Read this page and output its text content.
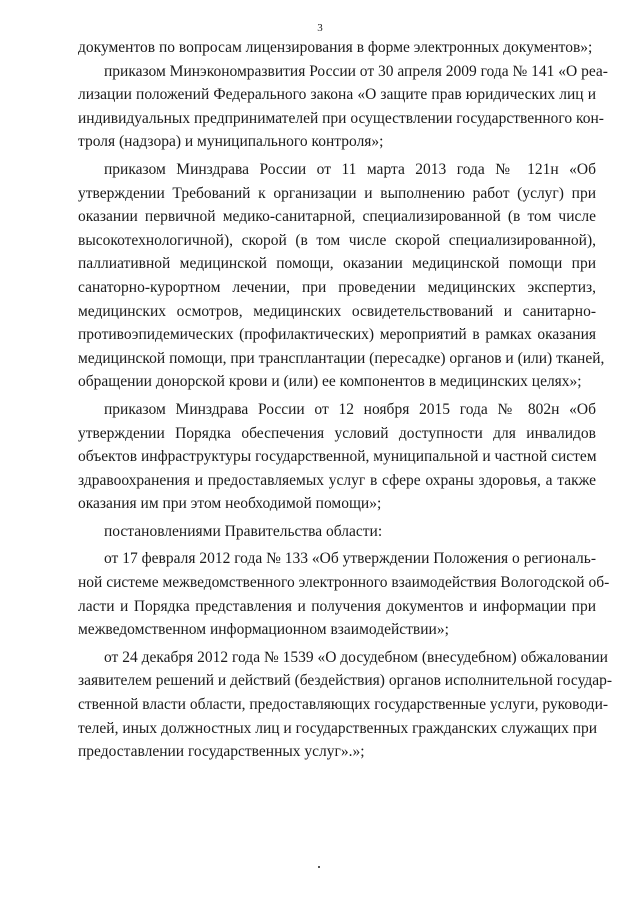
3
документов по вопросам лицензирования в форме электронных документов»;
приказом Минэкономразвития России от 30 апреля 2009 года № 141 «О реа-
лизации положений Федерального закона «О защите прав юридических лиц и
индивидуальных предпринимателей при осуществлении государственного кон-
троля (надзора) и муниципального контроля»;
приказом Минздрава России от 11 марта 2013 года № 121н «Об
утверждении Требований к организации и выполнению работ (услуг) при
оказании первичной медико-санитарной, специализированной (в том числе
высокотехнологичной), скорой (в том числе скорой специализированной),
паллиативной медицинской помощи, оказании медицинской помощи при
санаторно-курортном лечении, при проведении медицинских экспертиз,
медицинских осмотров, медицинских освидетельствований и санитарно-
противоэпидемических (профилактических) мероприятий в рамках оказания
медицинской помощи, при трансплантации (пересадке) органов и (или) тканей,
обращении донорской крови и (или) ее компонентов в медицинских целях»;
приказом Минздрава России от 12 ноября 2015 года № 802н «Об
утверждении Порядка обеспечения условий доступности для инвалидов
объектов инфраструктуры государственной, муниципальной и частной систем
здравоохранения и предоставляемых услуг в сфере охраны здоровья, а также
оказания им при этом необходимой помощи»;
постановлениями Правительства области:
от 17 февраля 2012 года № 133 «Об утверждении Положения о региональ-
ной системе межведомственного электронного взаимодействия Вологодской об-
ласти и Порядка представления и получения документов и информации при
межведомственном информационном взаимодействии»;
от 24 декабря 2012 года № 1539 «О досудебном (внесудебном) обжаловании
заявителем решений и действий (бездействия) органов исполнительной государ-
ственной власти области, предоставляющих государственные услуги, руководи-
телей, иных должностных лиц и государственных гражданских служащих при
предоставлении государственных услуг».»;
